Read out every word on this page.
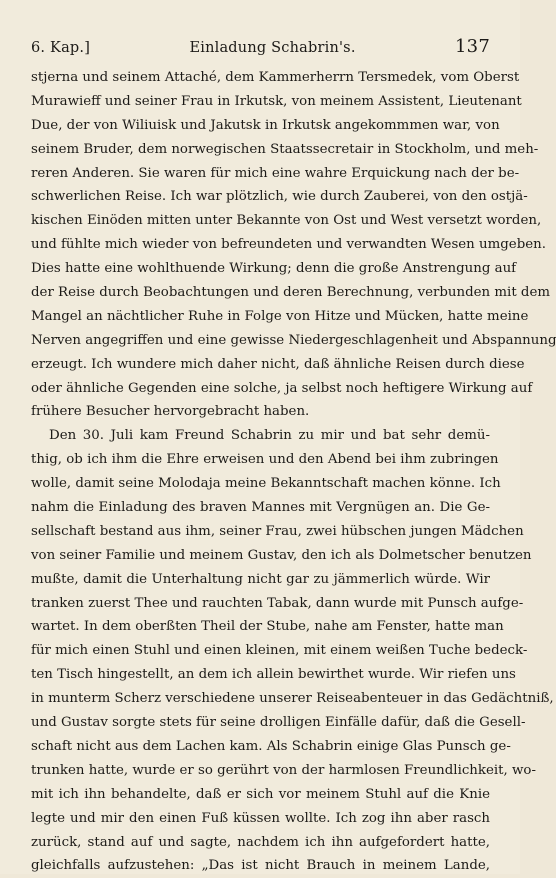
6. Kap.]	Einladung Schabrin's.	137
stjerna und seinem Attaché, dem Kammerherrn Tersmedek, vom Oberst
Murawieff und seiner Frau in Irkutsk, von meinem Assistent, Lieutenant
Due, der von Wiliuisk und Jakutsk in Irkutsk angekommmen war, von
seinem Bruder, dem norwegischen Staatssecretair in Stockholm, und meh-
reren Anderen. Sie waren für mich eine wahre Erquickung nach der be-
schwerlichen Reise. Ich war plötzlich, wie durch Zauberei, von den ostjä-
kischen Einöden mitten unter Bekannte von Ost und West versetzt worden,
und fühlte mich wieder von befreundeten und verwandten Wesen umgeben.
Dies hatte eine wohlthuende Wirkung; denn die große Anstrengung auf
der Reise durch Beobachtungen und deren Berechnung, verbunden mit dem
Mangel an nächtlicher Ruhe in Folge von Hitze und Mücken, hatte meine
Nerven angegriffen und eine gewisse Niedergeschlagenheit und Abspannung
erzeugt. Ich wundere mich daher nicht, daß ähnliche Reisen durch diese
oder ähnliche Gegenden eine solche, ja selbst noch heftigere Wirkung auf
frühere Besucher hervorgebracht haben.
Den 30. Juli kam Freund Schabrin zu mir und bat sehr demü-
thig, ob ich ihm die Ehre erweisen und den Abend bei ihm zubringen
wolle, damit seine Molodaja meine Bekanntschaft machen könne. Ich
nahm die Einladung des braven Mannes mit Vergnügen an. Die Ge-
sellschaft bestand aus ihm, seiner Frau, zwei hübschen jungen Mädchen
von seiner Familie und meinem Gustav, den ich als Dolmetscher benutzen
mußte, damit die Unterhaltung nicht gar zu jämmerlich würde. Wir
tranken zuerst Thee und rauchten Tabak, dann wurde mit Punsch aufge-
wartet. In dem oberßten Theil der Stube, nahe am Fenster, hatte man
für mich einen Stuhl und einen kleinen, mit einem weißen Tuche bedeck-
ten Tisch hingestellt, an dem ich allein bewirthet wurde. Wir riefen uns
in munterm Scherz verschiedene unserer Reiseabenteuer in das Gedächtniß,
und Gustav sorgte stets für seine drolligen Einfälle dafür, daß die Gesell-
schaft nicht aus dem Lachen kam. Als Schabrin einige Glas Punsch ge-
trunken hatte, wurde er so gerührt von der harmlosen Freundlichkeit, wo-
mit ich ihn behandelte, daß er sich vor meinem Stuhl auf die Knie
legte und mir den einen Fuß küssen wollte. Ich zog ihn aber rasch
zurück, stand auf und sagte, nachdem ich ihn aufgefordert hatte,
gleichfalls aufzustehen: „Das ist nicht Brauch in meinem Lande,
